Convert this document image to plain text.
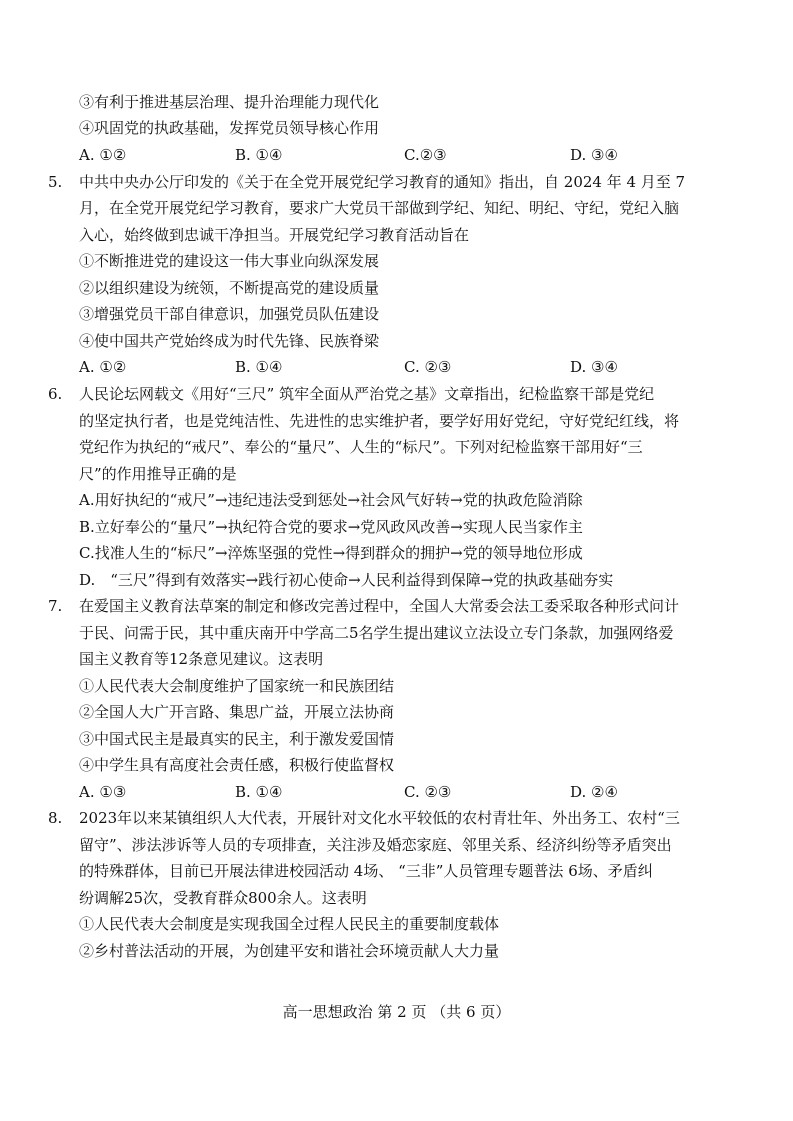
③有利于推进基层治理、提升治理能力现代化
④巩固党的执政基础，发挥党员领导核心作用
A. ①②	B. ①④	C.②③	D. ③④
5. 中共中央办公厅印发的《关于在全党开展党纪学习教育的通知》指出，自 2024 年 4 月至 7
月，在全党开展党纪学习教育，要求广大党员干部做到学纪、知纪、明纪、守纪，党纪入脑
入心，始终做到忠诚干净担当。开展党纪学习教育活动旨在
①不断推进党的建设这一伟大事业向纵深发展
②以组织建设为统领，不断提高党的建设质量
③增强党员干部自律意识，加强党员队伍建设
④使中国共产党始终成为时代先锋、民族脊梁
A. ①②	B. ①④	C. ②③	D. ③④
6. 人民论坛网载文《用好“三尺” 筑牢全面从严治党之基》文章指出，纪检监察干部是党纪
的坚定执行者，也是党纯洁性、先进性的忠实维护者，要学好用好党纪，守好党纪红线，将
党纪作为执纪的“戒尺”、奉公的“量尺”、人生的“标尺”。下列对纪检监察干部用好“三
尺”的作用推导正确的是
A.用好执纪的“戒尺”→违纪违法受到惩处→社会风气好转→党的执政危险消除
B.立好奉公的“量尺”→执纪符合党的要求→党风政风改善→实现人民当家作主
C.找准人生的“标尺”→淬炼坚强的党性→得到群众的拥护→党的领导地位形成
D.　“三尺”得到有效落实→践行初心使命→人民利益得到保障→党的执政基础夯实
7. 在爱国主义教育法草案的制定和修改完善过程中，全国人大常委会法工委采取各种形式问计
于民、问需于民，其中重庆南开中学高二5名学生提出建议立法设立专门条款，加强网络爱
国主义教育等12条意见建议。这表明
①人民代表大会制度维护了国家统一和民族团结
②全国人大广开言路、集思广益，开展立法协商
③中国式民主是最真实的民主，利于激发爱国情
④中学生具有高度社会责任感，积极行使监督权
A. ①③	B. ①④	C. ②③	D. ②④
8. 2023年以来某镇组织人大代表，开展针对文化水平较低的农村青壮年、外出务工、农村“三
留守”、涉法涉诉等人员的专项排查，关注涉及婚恋家庭、邻里关系、经济纠纷等矛盾突出
的特殊群体，目前已开展法律进校园活动 4场、 “三非”人员管理专题普法 6场、矛盾纠
纷调解25次，受教育群众800余人。这表明
①人民代表大会制度是实现我国全过程人民民主的重要制度载体
②乡村普法活动的开展，为创建平安和谐社会环境贡献人大力量
高一思想政治 第 2 页 （共 6 页）
